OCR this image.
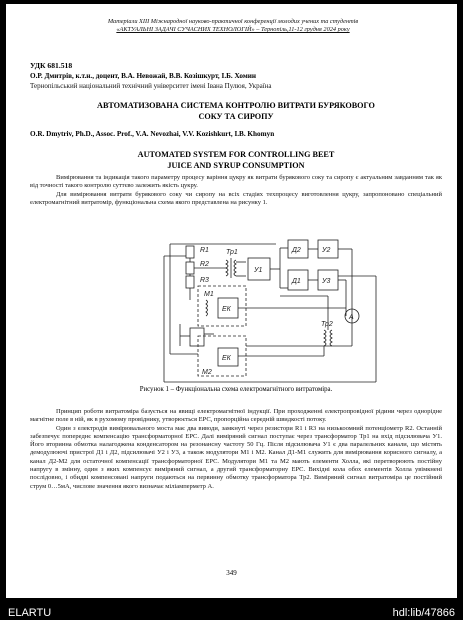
Матеріали XIII Міжнародної науково-практичної конференції молодих учених та студентів
«АКТУАЛЬНІ ЗАДАЧІ СУЧАСНИХ ТЕХНОЛОГІЙ» – Тернопіль,11-12 грудня 2024 року
УДК 681.518
О.Р. Дмитрів, к.т.н., доцент, В.А. Невожай, В.В. Козішкурт, І.Б. Хомин
Тернопільський національний технічний університет імені Івана Пулюя, Україна
АВТОМАТИЗОВАНА СИСТЕМА КОНТРОЛЮ ВИТРАТИ БУРЯКОВОГО
СОКУ ТА СИРОПУ
O.R. Dmytriv, Ph.D., Assoc. Prof., V.A. Nevozhai, V.V. Kozishkurt, I.B. Khomyn
AUTOMATED SYSTEM FOR CONTROLLING BEET
JUICE AND SYRUP CONSUMPTION

Вимірювання та індикація такого параметру процесу варіння цукру як витрати бурякового соку та сиропу є актуальним завданням так як від точності такого контролю суттєво залежить якість цукру.

Для вимірювання витрати бурякового соку чи сиропу на всіх стадіях техпроцесу виготовлення цукру, запропоновано спеціальний електромагнітний витратомір, функціональна схема якого представлена на рисунку 1.

R1
R2
R3
Тр1
У1
Д2	У2
Д1	У3
A
M1
ЕК
ЕК
M2
Тр2
Рисунок 1 – Функціональна схема електромагнітного витратоміра.

Принцип роботи витратоміра базується на явищі електромагнітної індукції. При проходженні електропровідної рідини через однорідне магнітне поле в ній, як в рухомому провіднику, утворюється ЕРС, пропорційна середній швидкості потоку.

Один з електродів вимірювального моста має два виводи, замкнуті через резистори R1 і R3 на низькоомний потенціометр R2. Останній забезпечує попереднє компенсацію трансформаторної ЕРС. Далі виміряний сигнал поступає через трансформатор Тр1 на вхід підсилювача У1. Його вторинна обмотка налагоджена конденсатором на резонансну частоту 50 Гц. Після підсилювача У1 є два паралельних канали, що містять демодулюючі пристрої Д1 і Д2, підсилювачі У2 і У3, а також модулятори М1 і М2. Канал Д1-М1 служить для вимірювання корисного сигналу, а канал Д2-М2 для остаточної компенсації трансформаторної ЕРС. Модулятори М1 та М2 мають елементи Холла, які перетворюють постійну напругу в змінну, один з яких компенсує виміряний сигнал, а другий трансформаторну ЕРС. Вихідні кола обох елементів Холла увімкнені послідовно, і обидві компенсовані напруги подаються на первинну обмотку трансформатора Тр2. Виміряний сигнал витратоміра це постійний струм 0…5мА, числове значення якого визначає міліамперметр А.

349
ELARTU	hdl:lib/47866
